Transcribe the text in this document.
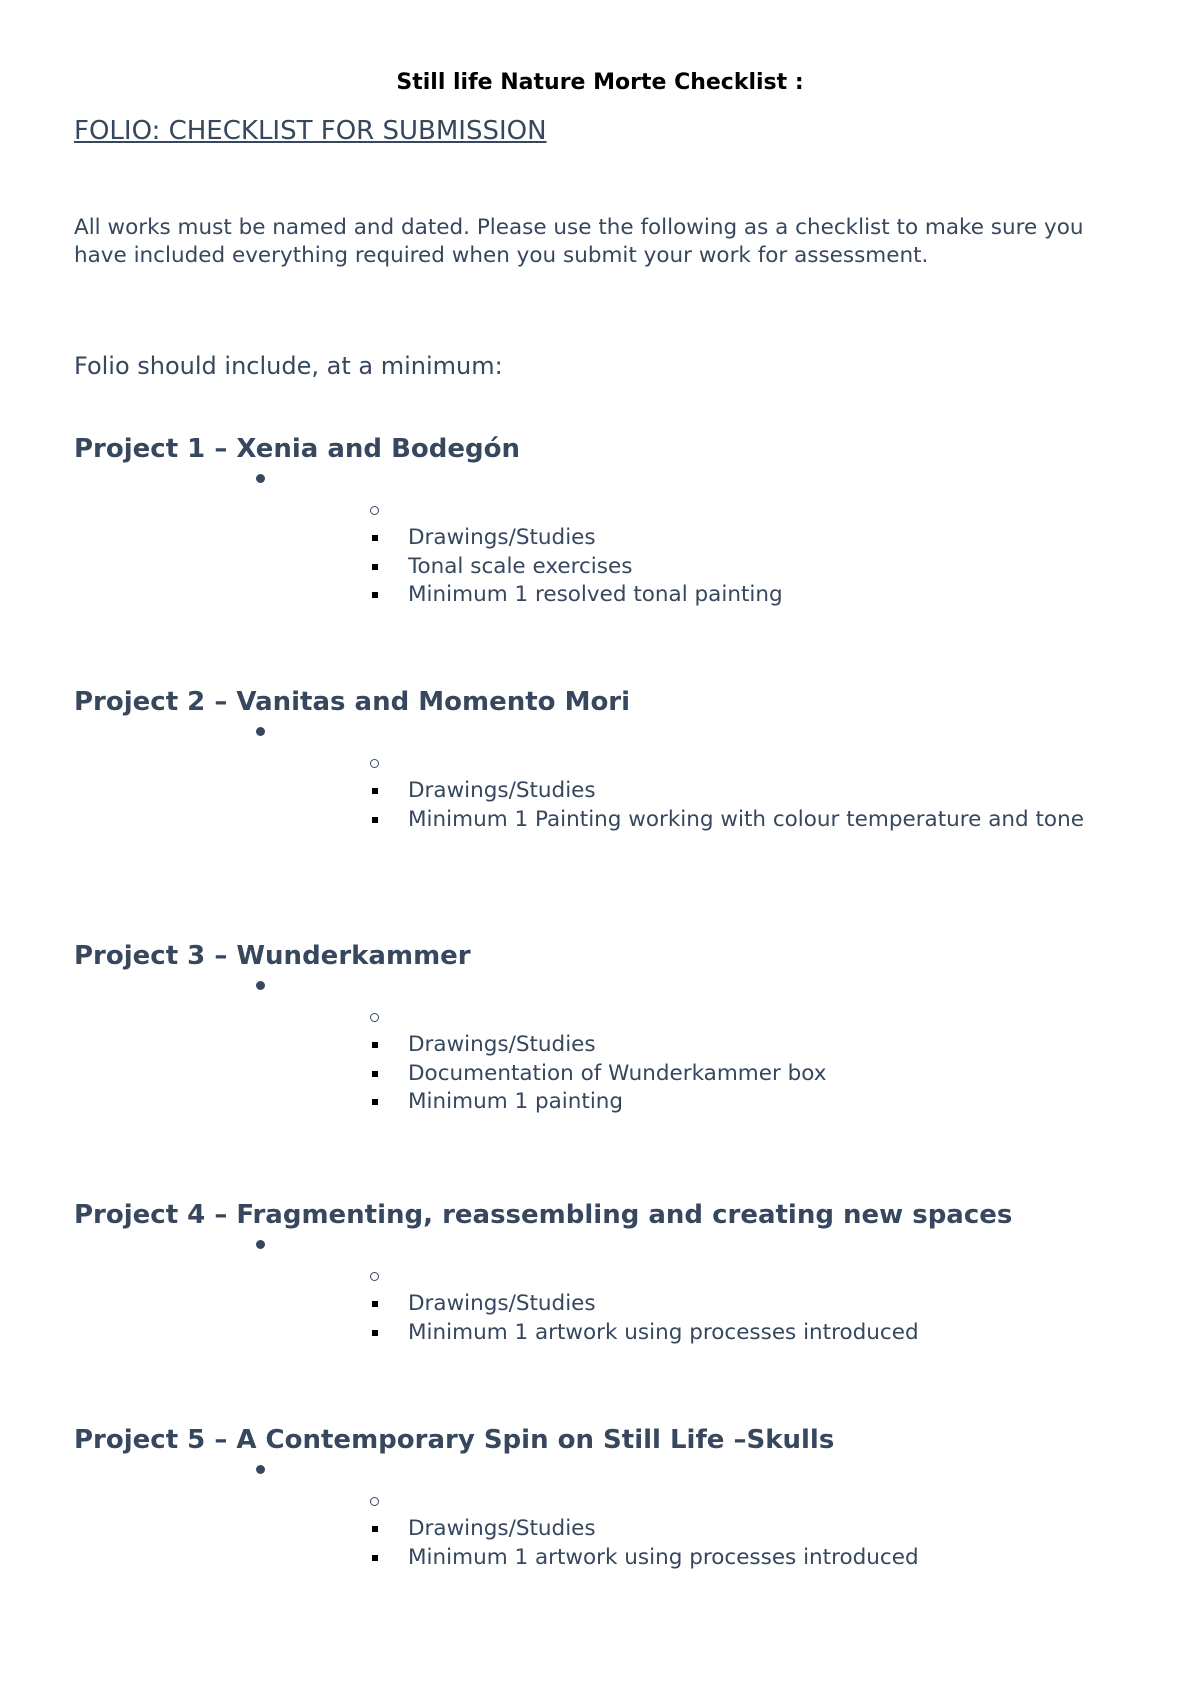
Still life Nature Morte Checklist :
FOLIO: CHECKLIST FOR SUBMISSION
All works must be named and dated. Please use the following as a checklist to make sure you have included everything required when you submit your work for assessment.
Folio should include, at a minimum:
Project 1 – Xenia and Bodegón
Drawings/Studies
Tonal scale exercises
Minimum 1 resolved tonal painting
Project 2 – Vanitas and Momento Mori
Drawings/Studies
Minimum 1 Painting working with colour temperature and tone
Project 3 – Wunderkammer
Drawings/Studies
Documentation of Wunderkammer box
Minimum 1 painting
Project 4 – Fragmenting, reassembling and creating new spaces
Drawings/Studies
Minimum 1 artwork using processes introduced
Project 5 – A Contemporary Spin on Still Life –Skulls
Drawings/Studies
Minimum 1 artwork using processes introduced
